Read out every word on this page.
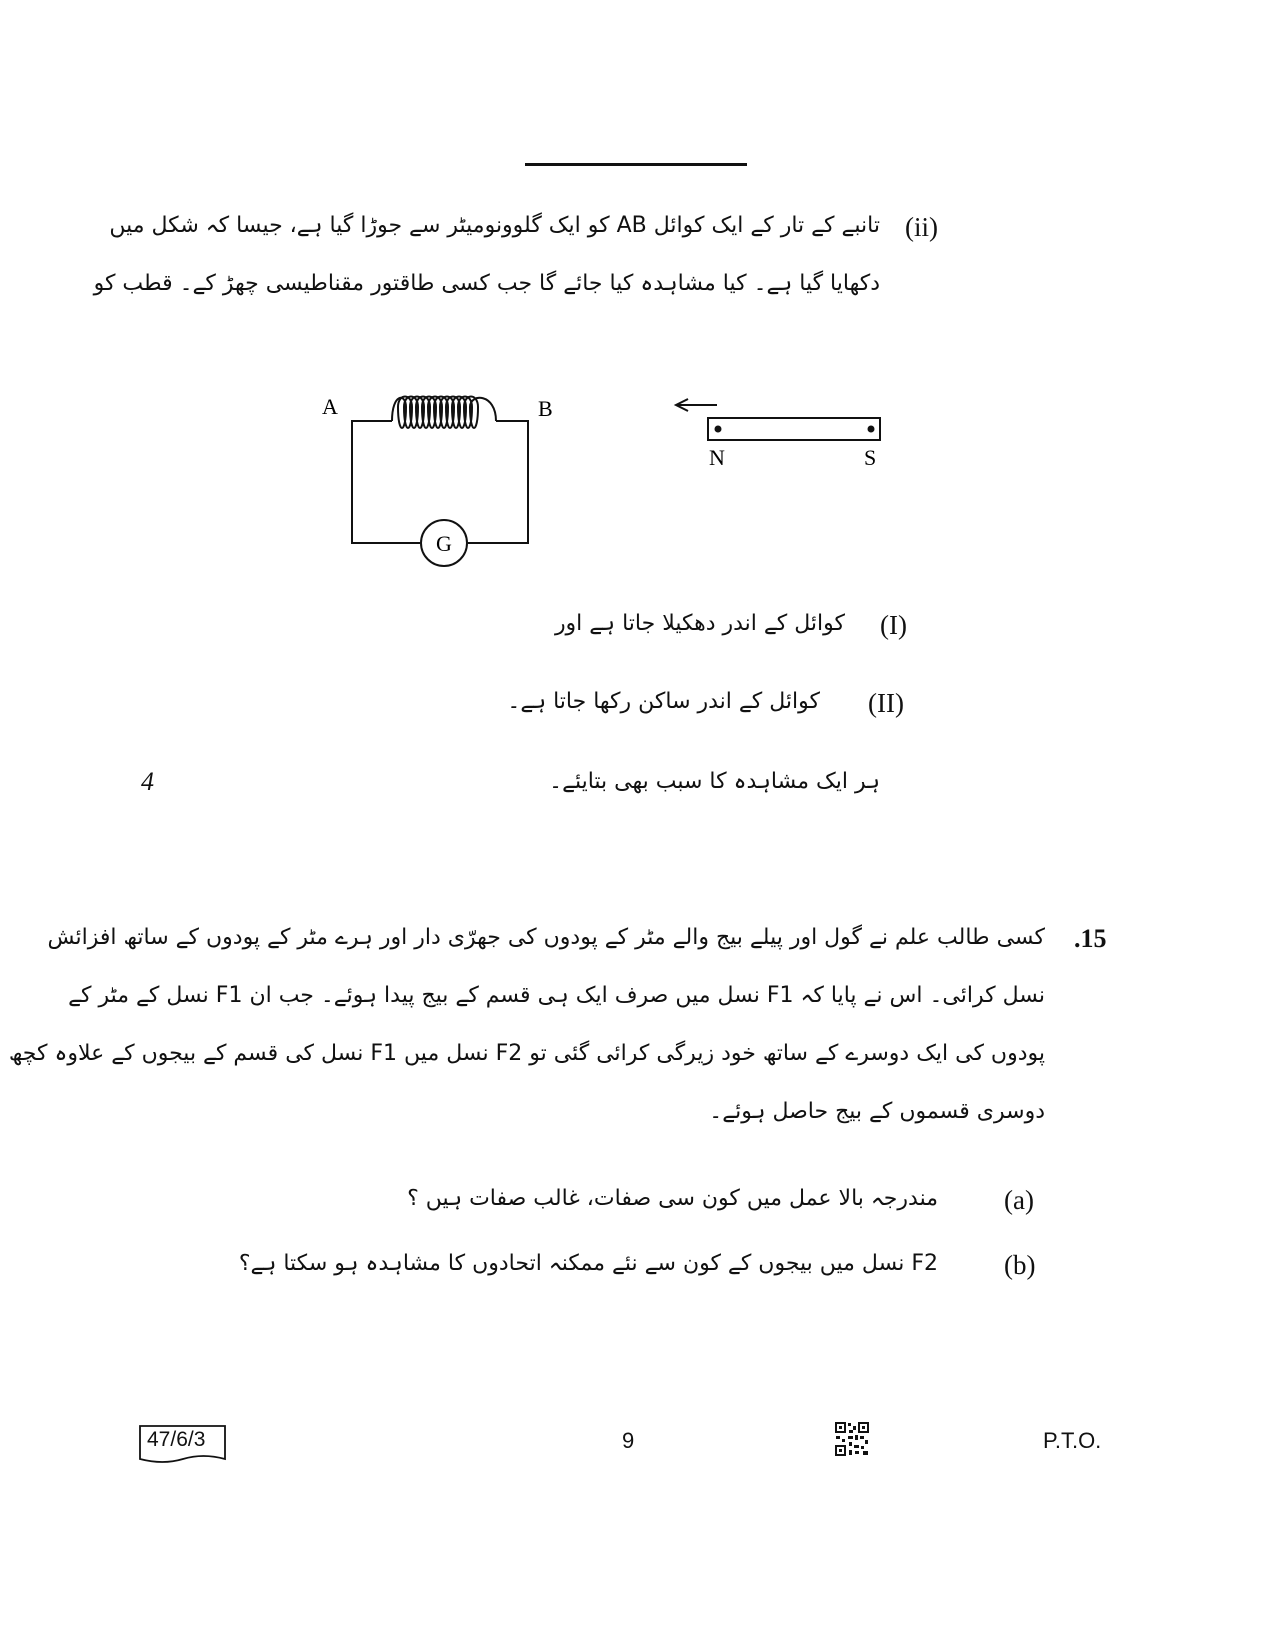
(ii)
تانبے کے تار کے ایک کوائل AB کو ایک گلوونومیٹر سے جوڑا گیا ہے، جیسا کہ شکل میں
دکھایا گیا ہے۔ کیا مشاہدہ کیا جائے گا جب کسی طاقتور مقناطیسی چھڑ کے۔ قطب کو
A	B
G
N	S
(I)
کوائل کے اندر دھکیلا جاتا ہے اور
(II)
کوائل کے اندر ساکن رکھا جاتا ہے۔
ہر ایک مشاہدہ کا سبب بھی بتایئے۔
4
.15
کسی طالب علم نے گول اور پیلے بیج والے مٹر کے پودوں کی جھرّی دار اور ہرے مٹر کے پودوں کے ساتھ افزائش
نسل کرائی۔ اس نے پایا کہ F1 نسل میں صرف ایک ہی قسم کے بیج پیدا ہوئے۔ جب ان F1 نسل کے مٹر کے
پودوں کی ایک دوسرے کے ساتھ خود زیرگی کرائی گئی تو F2 نسل میں F1 نسل کی قسم کے بیجوں کے علاوہ کچھ
دوسری قسموں کے بیج حاصل ہوئے۔
(a)
مندرجہ بالا عمل میں کون سی صفات، غالب صفات ہیں ؟
(b)
F2 نسل میں بیجوں کے کون سے نئے ممکنہ اتحادوں کا مشاہدہ ہو سکتا ہے؟
47/6/3	9	P.T.O.
